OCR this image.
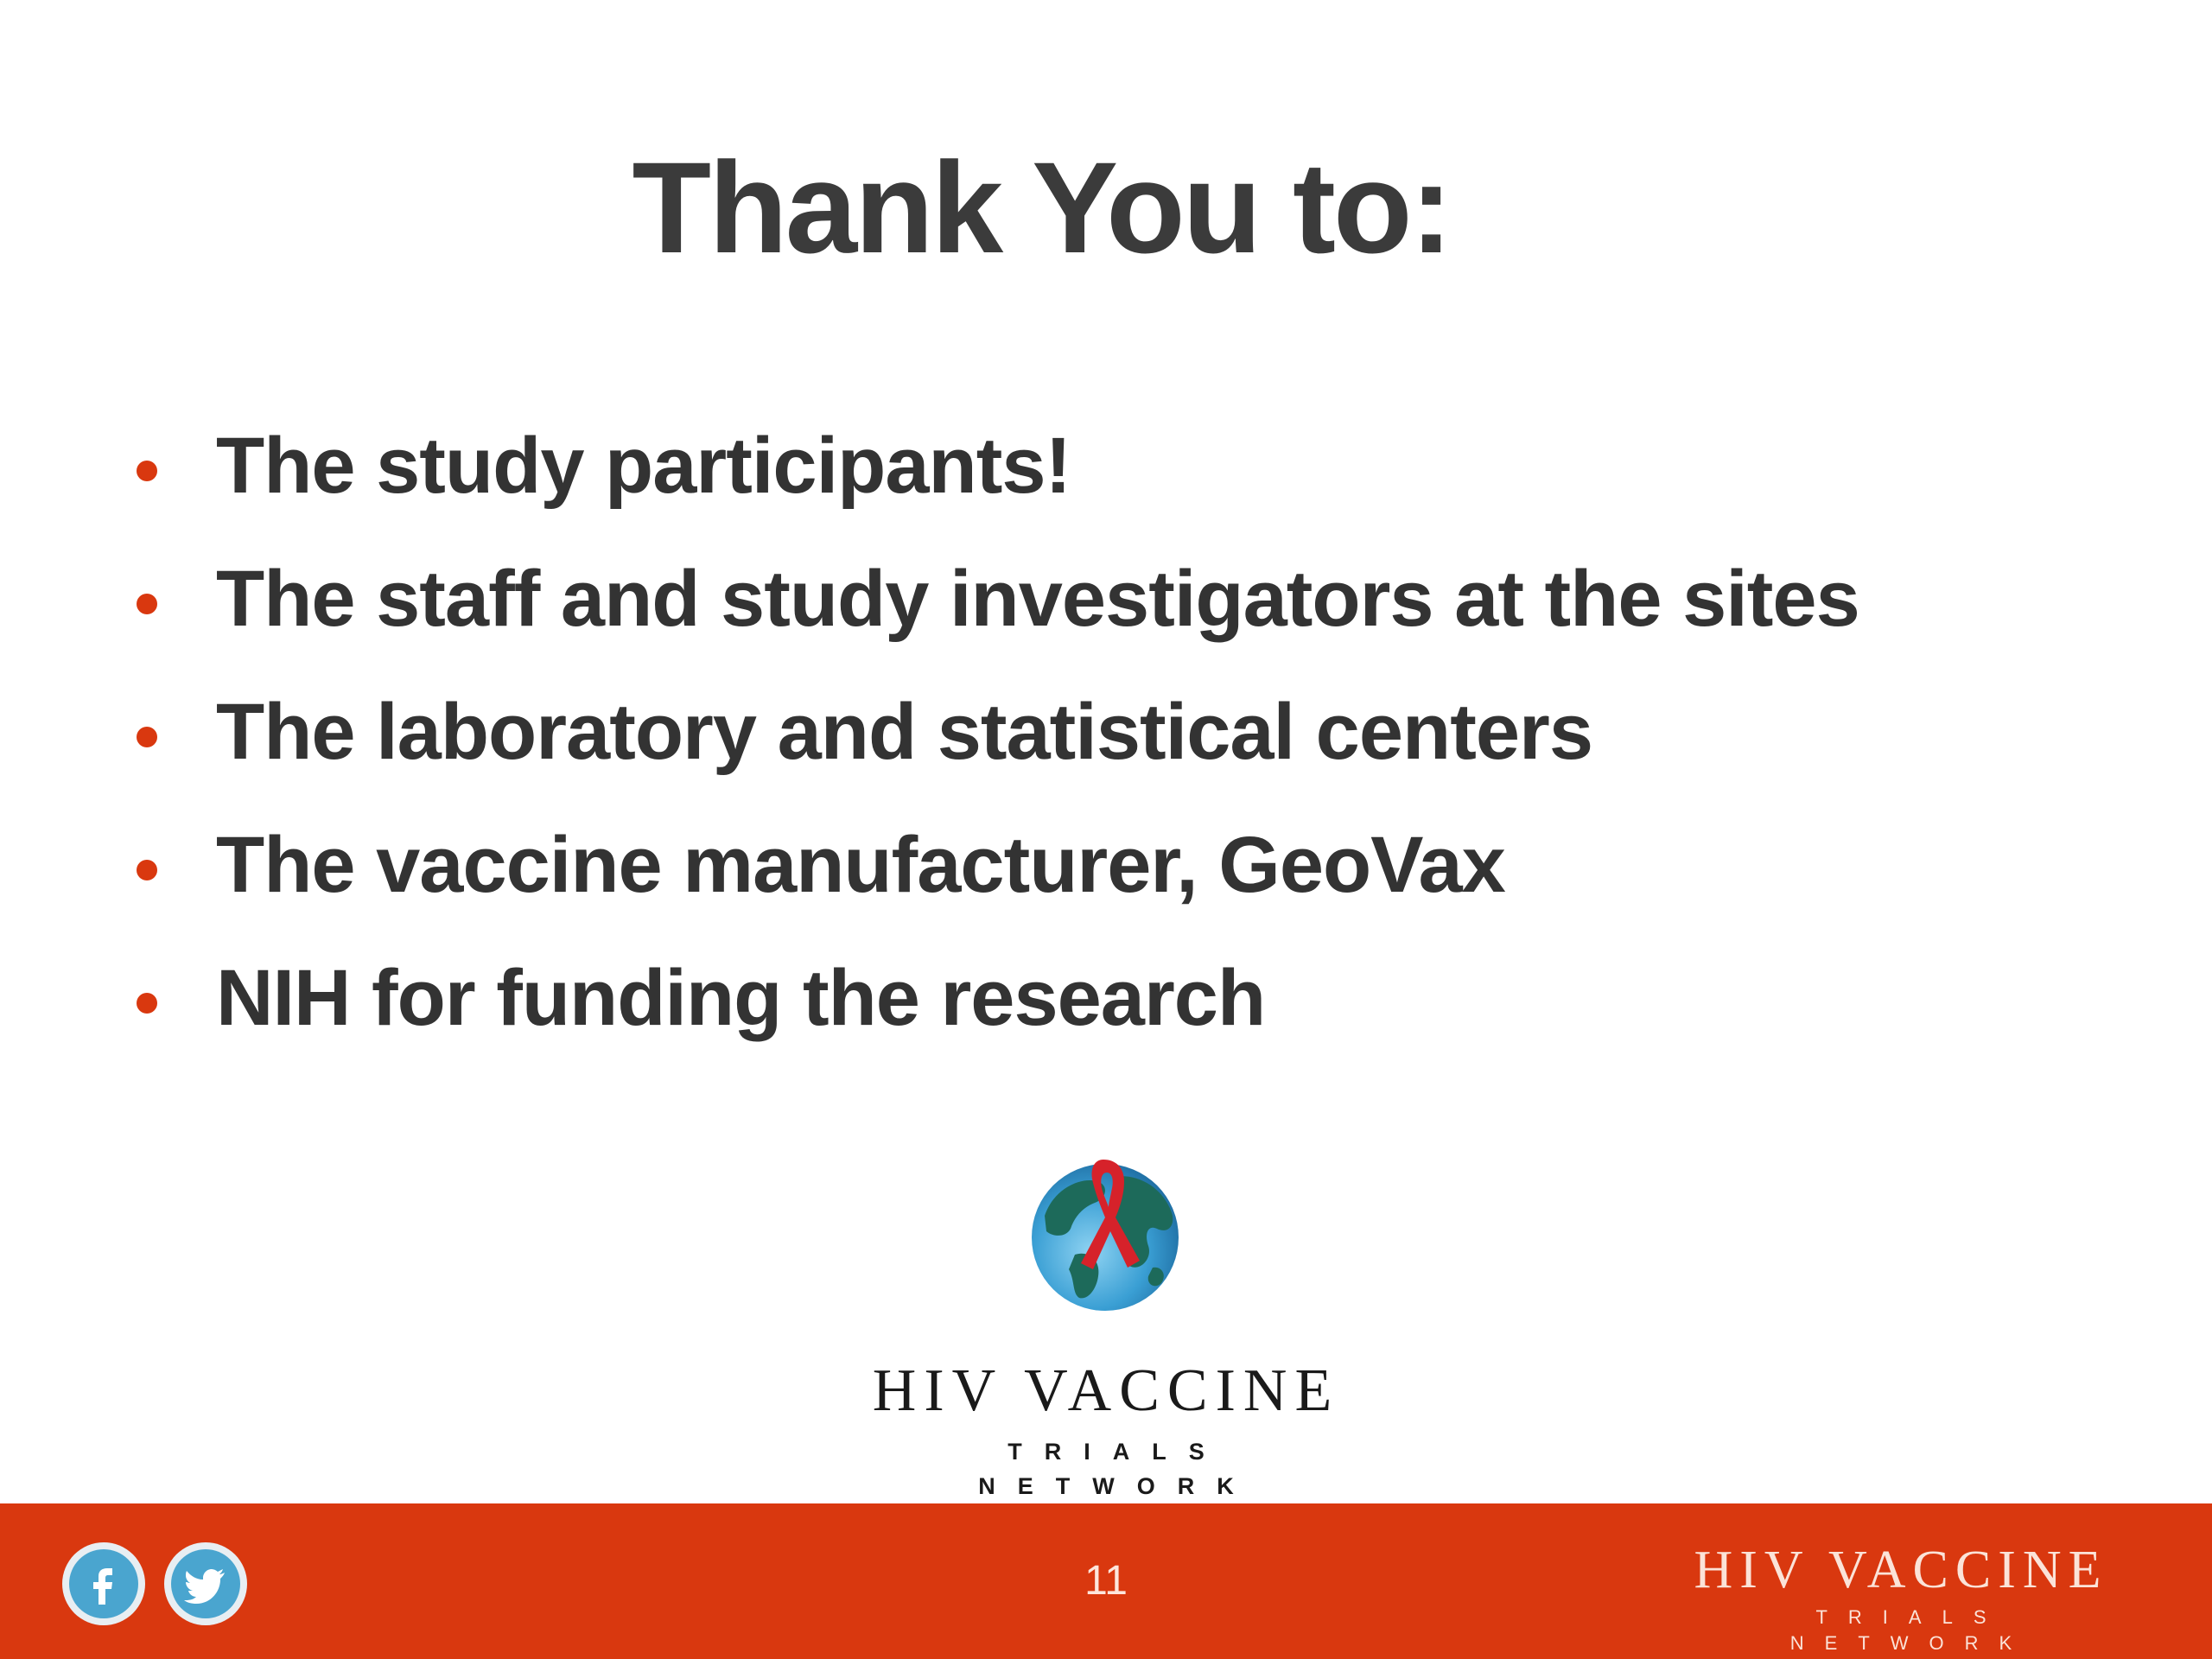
Thank You to:
The study participants!
The staff and study investigators at the sites
The laboratory and statistical centers
The vaccine manufacturer, GeoVax
NIH for funding the research
HIV VACCINE
TRIALS NETWORK
11	HIV VACCINE
TRIALS NETWORK
